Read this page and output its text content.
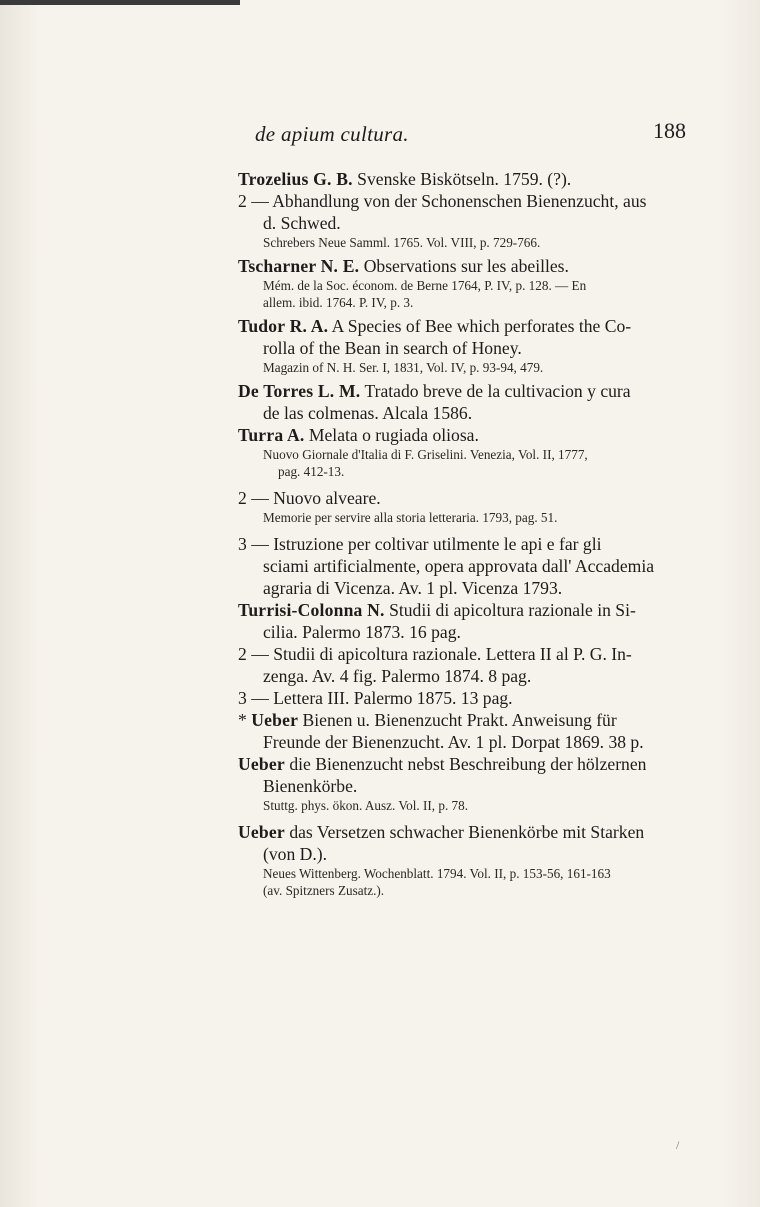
de apium cultura.	188
Trozelius G. B. Svenske Biskötseln. 1759. (?).
2 — Abhandlung von der Schonenschen Bienenzucht, aus
d. Schwed.
Schrebers Neue Samml. 1765. Vol. VIII, p. 729-766.
Tscharner N. E. Observations sur les abeilles.
Mém. de la Soc. économ. de Berne 1764, P. IV, p. 128. — En
allem. ibid. 1764. P. IV, p. 3.
Tudor R. A. A Species of Bee which perforates the Co-
rolla of the Bean in search of Honey.
Magazin of N. H. Ser. I, 1831, Vol. IV, p. 93-94, 479.
De Torres L. M. Tratado breve de la cultivacion y cura
de las colmenas. Alcala 1586.
Turra A. Melata o rugiada oliosa.
Nuovo Giornale d'Italia di F. Griselini. Venezia, Vol. II, 1777,
pag. 412-13.
2 — Nuovo alveare.
Memorie per servire alla storia letteraria. 1793, pag. 51.
3 — Istruzione per coltivar utilmente le api e far gli
sciami artificialmente, opera approvata dall' Accademia
agraria di Vicenza. Av. 1 pl. Vicenza 1793.
Turrisi-Colonna N. Studii di apicoltura razionale in Si-
cilia. Palermo 1873. 16 pag.
2 — Studii di apicoltura razionale. Lettera II al P. G. In-
zenga. Av. 4 fig. Palermo 1874. 8 pag.
3 — Lettera III. Palermo 1875. 13 pag.
* Ueber Bienen u. Bienenzucht Prakt. Anweisung für
Freunde der Bienenzucht. Av. 1 pl. Dorpat 1869. 38 p.
Ueber die Bienenzucht nebst Beschreibung der hölzernen
Bienenkörbe.
Stuttg. phys. ökon. Ausz. Vol. II, p. 78.
Ueber das Versetzen schwacher Bienenkörbe mit Starken
(von D.).
Neues Wittenberg. Wochenblatt. 1794. Vol. II, p. 153-56, 161-163
(av. Spitzners Zusatz.).
/
